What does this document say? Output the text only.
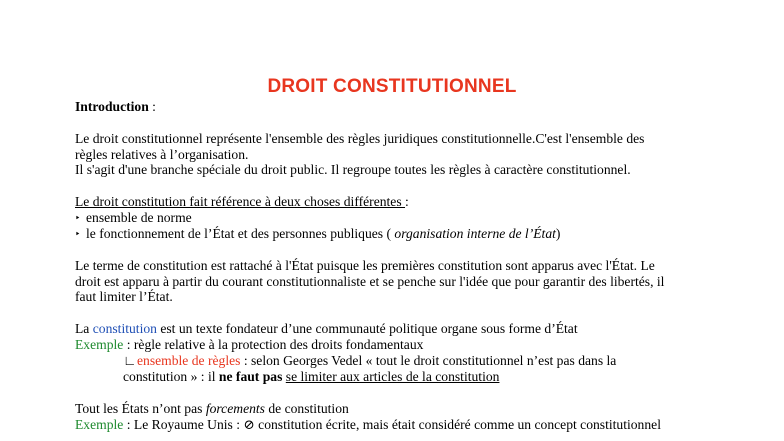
DROIT CONSTITUTIONNEL
Introduction :
Le droit constitutionnel représente l'ensemble des règles juridiques constitutionnelle.C'est l'ensemble des
règles relatives à l’organisation.
Il s'agit d'une branche spéciale du droit public. Il regroupe toutes les règles à caractère constitutionnel.
Le droit constitution fait référence à deux choses différentes :
‣ ensemble de norme
‣ le fonctionnement de l’État et des personnes publiques ( organisation interne de l’État)
Le terme de constitution est rattaché à l'État puisque les premières constitution sont apparus avec l'État. Le
droit est apparu à partir du courant constitutionnaliste et se penche sur l'idée que pour garantir des libertés, il
faut limiter l’État.
La constitution est un texte fondateur d’une communauté politique organe sous forme d’État
Exemple : règle relative à la protection des droits fondamentaux
∟ensemble de règles : selon Georges Vedel « tout le droit constitutionnel n’est pas dans la
constitution » : il ne faut pas se limiter aux articles de la constitution
Tout les États n’ont pas forcements de constitution
Exemple : Le Royaume Unis : ⊘ constitution écrite, mais était considéré comme un concept constitutionnel
